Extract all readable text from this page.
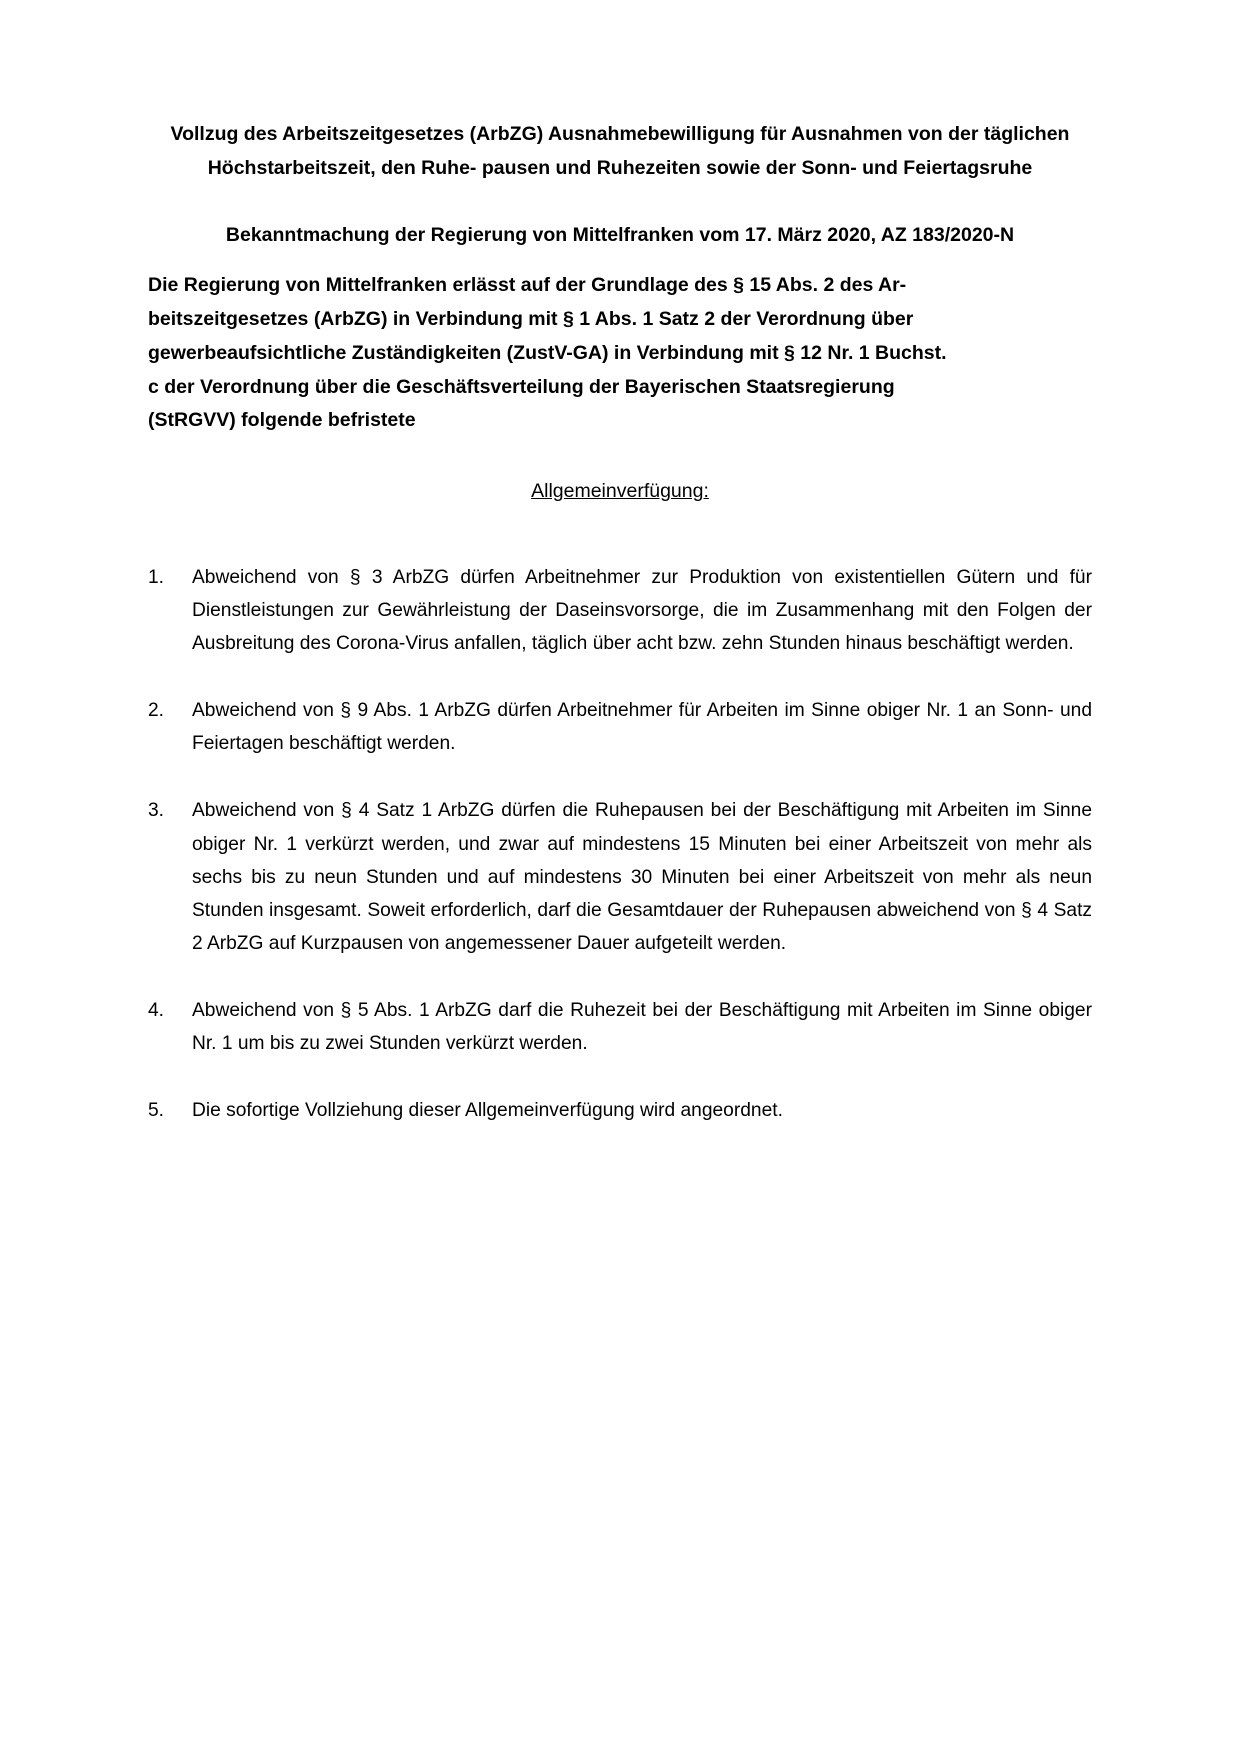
Vollzug des Arbeitszeitgesetzes (ArbZG) Ausnahmebewilligung für Ausnahmen von der täglichen Höchstarbeitszeit, den Ruhe- pausen und Ruhezeiten sowie der Sonn- und Feiertagsruhe
Bekanntmachung der Regierung von Mittelfranken vom 17. März 2020, AZ 183/2020-N
Die Regierung von Mittelfranken erlässt auf der Grundlage des § 15 Abs. 2 des Ar-
beitszeitgesetzes (ArbZG) in Verbindung mit § 1 Abs. 1 Satz 2 der Verordnung über
gewerbeaufsichtliche Zuständigkeiten (ZustV-GA) in Verbindung mit § 12 Nr. 1 Buchst.
c der Verordnung über die Geschäftsverteilung der Bayerischen Staatsregierung
(StRGVV) folgende befristete
Allgemeinverfügung:
1.	Abweichend von § 3 ArbZG dürfen Arbeitnehmer zur Produktion von existentiellen Gütern und für Dienstleistungen zur Gewährleistung der Daseinsvorsorge, die im Zusammenhang mit den Folgen der Ausbreitung des Corona-Virus anfallen, täglich über acht bzw. zehn Stunden hinaus beschäftigt werden.
2.	Abweichend von § 9 Abs. 1 ArbZG dürfen Arbeitnehmer für Arbeiten im Sinne obiger Nr. 1 an Sonn- und Feiertagen beschäftigt werden.
3.	Abweichend von § 4 Satz 1 ArbZG dürfen die Ruhepausen bei der Beschäftigung mit Arbeiten im Sinne obiger Nr. 1 verkürzt werden, und zwar auf mindestens 15 Minuten bei einer Arbeitszeit von mehr als sechs bis zu neun Stunden und auf mindestens 30 Minuten bei einer Arbeitszeit von mehr als neun Stunden insgesamt. Soweit erforderlich, darf die Gesamtdauer der Ruhepausen abweichend von § 4 Satz 2 ArbZG auf Kurzpausen von angemessener Dauer aufgeteilt werden.
4.	Abweichend von § 5 Abs. 1 ArbZG darf die Ruhezeit bei der Beschäftigung mit Arbeiten im Sinne obiger Nr. 1 um bis zu zwei Stunden verkürzt werden.
5.	Die sofortige Vollziehung dieser Allgemeinverfügung wird angeordnet.
